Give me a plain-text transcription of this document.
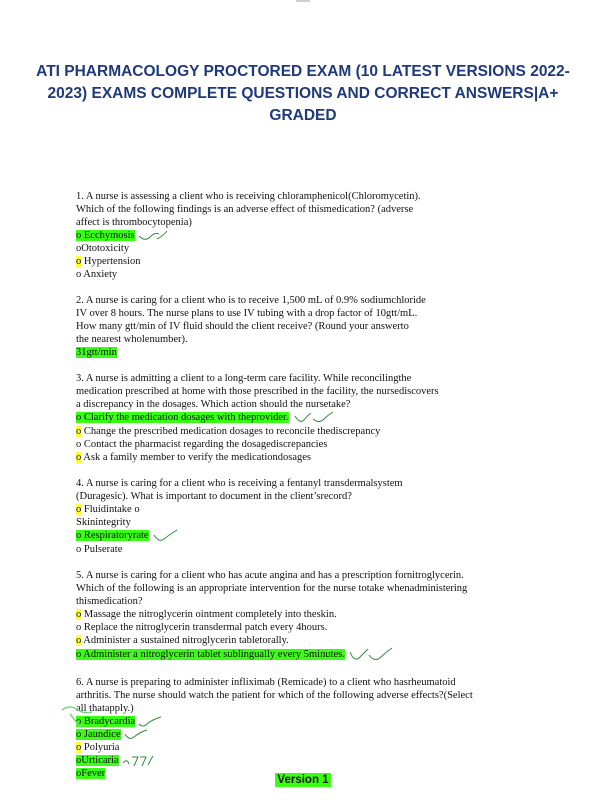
ATI PHARMACOLOGY PROCTORED EXAM (10 LATEST VERSIONS 2022-2023) EXAMS COMPLETE QUESTIONS AND CORRECT ANSWERS|A+ GRADED
1. A nurse is assessing a client who is receiving chloramphenicol(Chloromycetin).
Which of the following findings is an adverse effect of thismedication? (adverse
affect is thrombocytopenia)
o Ecchymosis
oOtotoxicity
o Hypertension
o Anxiety
2. A nurse is caring for a client who is to receive 1,500 mL of 0.9% sodiumchloride
IV over 8 hours. The nurse plans to use IV tubing with a drop factor of 10gtt/mL.
How many gtt/min of IV fluid should the client receive? (Round your answerto
the nearest wholenumber).
31gtt/min
3. A nurse is admitting a client to a long-term care facility. While reconcilingthe
medication prescribed at home with those prescribed in the facility, the nursediscovers
a discrepancy in the dosages. Which action should the nursetake?
o Clarify the medication dosages with theprovider.
o Change the prescribed medication dosages to reconcile thediscrepancy
o Contact the pharmacist regarding the dosagediscrepancies
o Ask a family member to verify the medicationdosages
4. A nurse is caring for a client who is receiving a fentanyl transdermalsystem
(Duragesic). What is important to document in the client’srecord?
o Fluidintake o
Skinintegrity
o Respiratoryrate
o Pulserate
5. A nurse is caring for a client who has acute angina and has a prescription fornitroglycerin.
Which of the following is an appropriate intervention for the nurse totake whenadministering
thismedication?
o Massage the nitroglycerin ointment completely into theskin.
o Replace the nitroglycerin transdermal patch every 4hours.
o Administer a sustained nitroglycerin tabletorally.
o Administer a nitroglycerin tablet sublingually every 5minutes.
6. A nurse is preparing to administer infliximab (Remicade) to a client who hasrheumatoid
arthritis. The nurse should watch the patient for which of the following adverse effects?(Select
all thatapply.)
o Bradycardia
o Jaundice
o Polyuria
oUrticaria
oFever
Version 1
